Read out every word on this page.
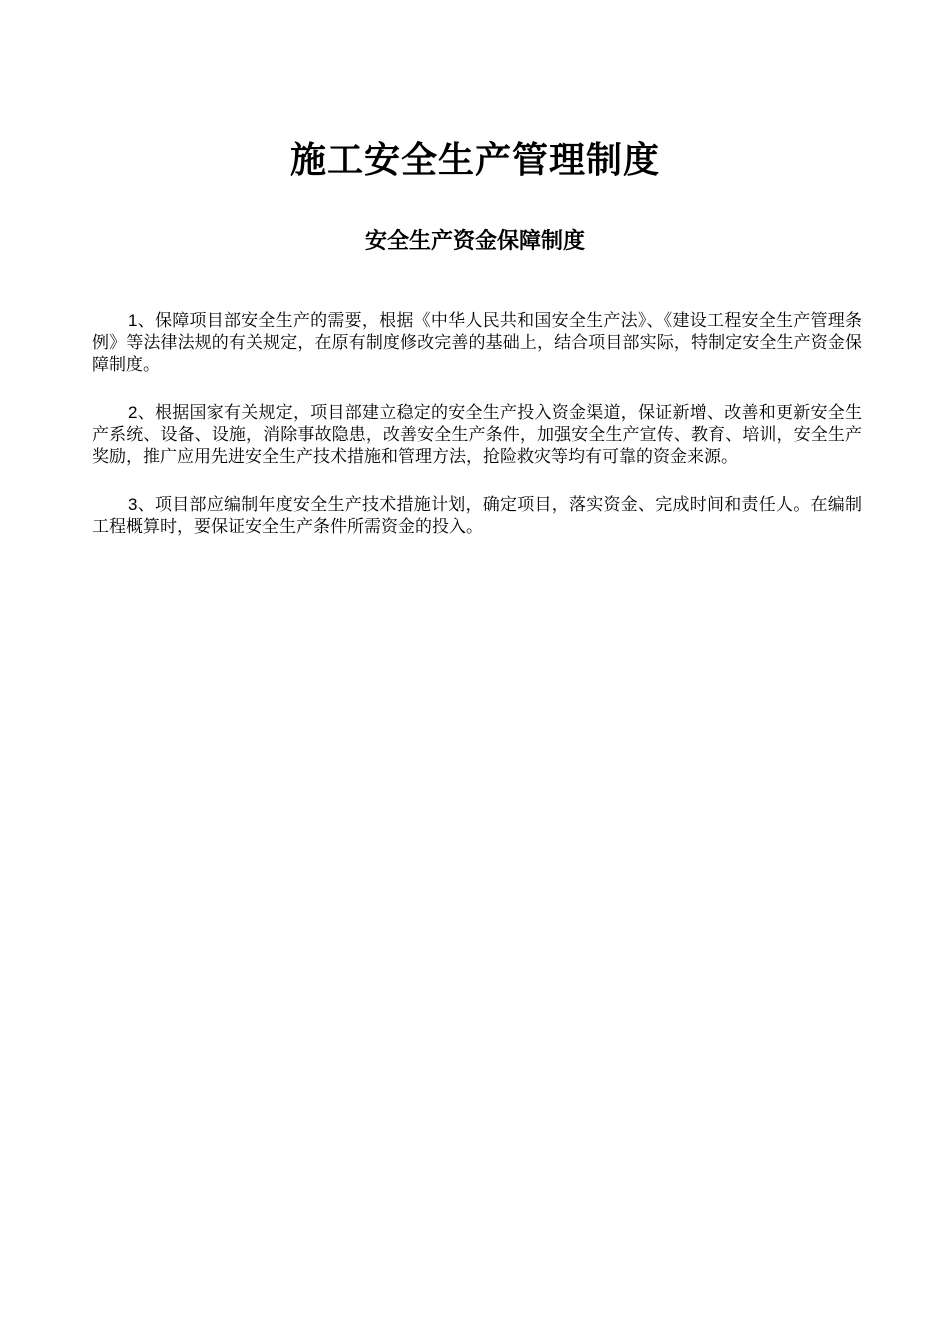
施工安全生产管理制度
安全生产资金保障制度

1、保障项目部安全生产的需要，根据《中华人民共和国安全生产法》、《建设工程安全生产管理条例》等法律法规的有关规定，在原有制度修改完善的基础上，结合项目部实际，特制定安全生产资金保障制度。

2、根据国家有关规定，项目部建立稳定的安全生产投入资金渠道，保证新增、改善和更新安全生产系统、设备、设施，消除事故隐患，改善安全生产条件，加强安全生产宣传、教育、培训，安全生产奖励，推广应用先进安全生产技术措施和管理方法，抢险救灾等均有可靠的资金来源。

3、项目部应编制年度安全生产技术措施计划，确定项目，落实资金、完成时间和责任人。在编制工程概算时，要保证安全生产条件所需资金的投入。
